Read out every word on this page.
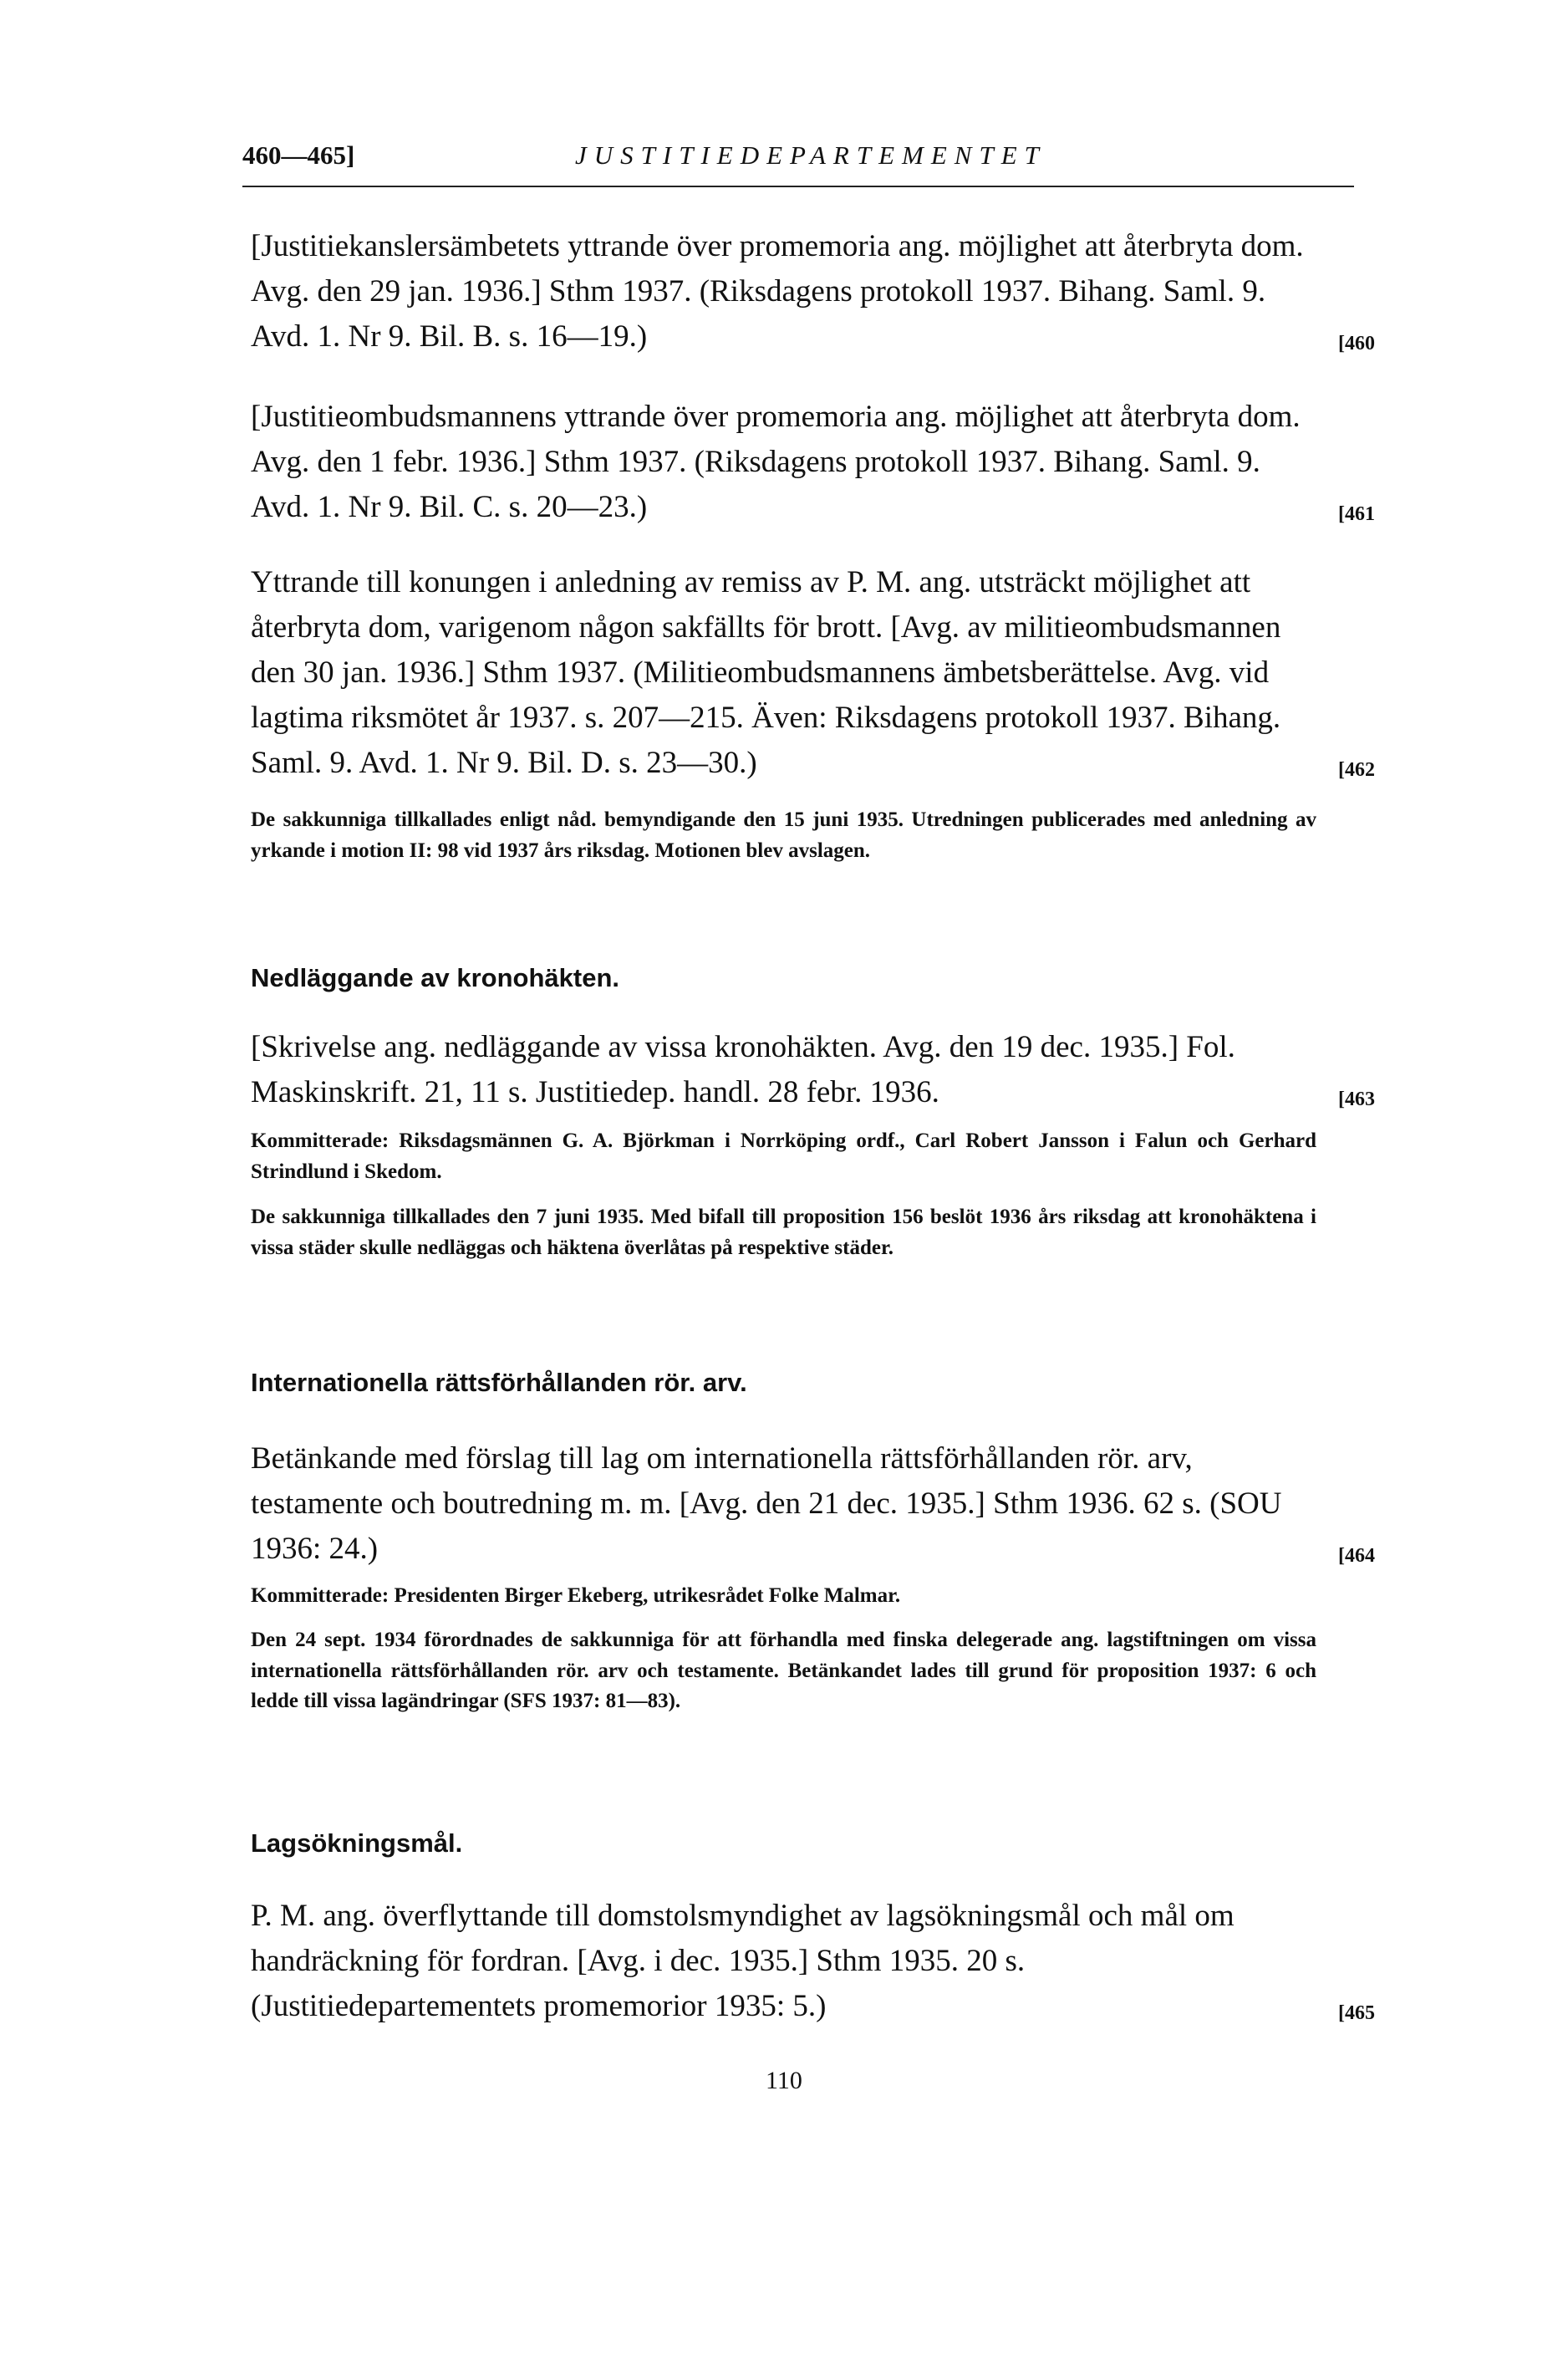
460—465]	JUSTITIEDEPARTEMENTET
[Justitiekanslersämbetets yttrande över promemoria ang. möjlighet att återbryta dom. Avg. den 29 jan. 1936.] Sthm 1937. (Riksdagens protokoll 1937. Bihang. Saml. 9. Avd. 1. Nr 9. Bil. B. s. 16—19.)	[460
[Justitieombudsmannens yttrande över promemoria ang. möjlighet att återbryta dom. Avg. den 1 febr. 1936.] Sthm 1937. (Riksdagens protokoll 1937. Bihang. Saml. 9. Avd. 1. Nr 9. Bil. C. s. 20—23.)	[461
Yttrande till konungen i anledning av remiss av P. M. ang. utsträckt möjlighet att återbryta dom, varigenom någon sakfällts för brott. [Avg. av militieombudsmannen den 30 jan. 1936.] Sthm 1937. (Militieombudsmannens ämbetsberättelse. Avg. vid lagtima riksmötet år 1937. s. 207—215. Även: Riksdagens protokoll 1937. Bihang. Saml. 9. Avd. 1. Nr 9. Bil. D. s. 23—30.)	[462
De sakkunniga tillkallades enligt nåd. bemyndigande den 15 juni 1935. Utredningen publicerades med anledning av yrkande i motion II: 98 vid 1937 års riksdag. Motionen blev avslagen.
Nedläggande av kronohäkten.
[Skrivelse ang. nedläggande av vissa kronohäkten. Avg. den 19 dec. 1935.] Fol. Maskinskrift. 21, 11 s. Justitiedep. handl. 28 febr. 1936.	[463
Kommitterade: Riksdagsmännen G. A. Björkman i Norrköping ordf., Carl Robert Jansson i Falun och Gerhard Strindlund i Skedom.
De sakkunniga tillkallades den 7 juni 1935. Med bifall till proposition 156 beslöt 1936 års riksdag att kronohäktena i vissa städer skulle nedläggas och häktena överlåtas på respektive städer.
Internationella rättsförhållanden rör. arv.
Betänkande med förslag till lag om internationella rättsförhållanden rör. arv, testamente och boutredning m. m. [Avg. den 21 dec. 1935.] Sthm 1936. 62 s. (SOU 1936: 24.)	[464
Kommitterade: Presidenten Birger Ekeberg, utrikesrådet Folke Malmar.
Den 24 sept. 1934 förordnades de sakkunniga för att förhandla med finska delegerade ang. lagstiftningen om vissa internationella rättsförhållanden rör. arv och testamente. Betänkandet lades till grund för proposition 1937: 6 och ledde till vissa lagändringar (SFS 1937: 81—83).
Lagsökningsmål.
P. M. ang. överflyttande till domstolsmyndighet av lagsökningsmål och mål om handräckning för fordran. [Avg. i dec. 1935.] Sthm 1935. 20 s. (Justitiedepartementets promemorior 1935: 5.)	[465
110
